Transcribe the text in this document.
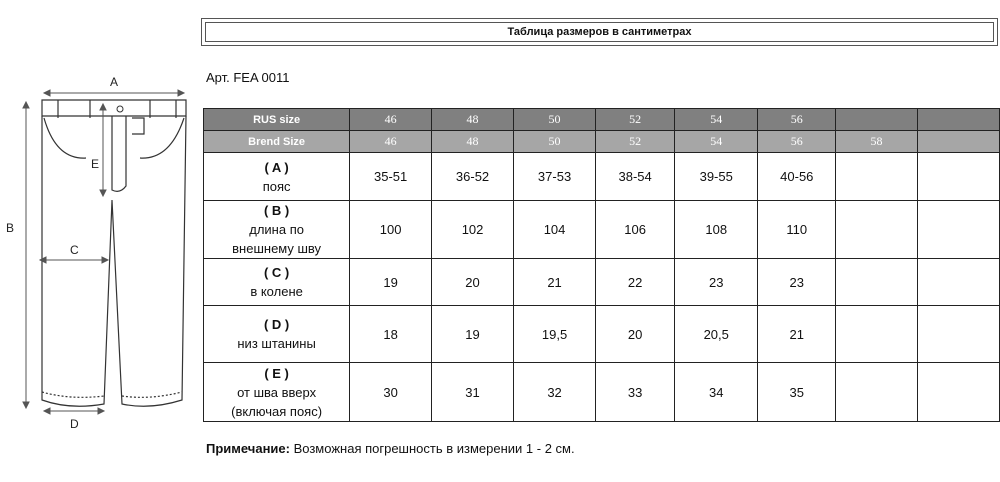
Таблица размеров в сантиметрах
Арт. FEA 0011
A
B
C
D
E
RUS size	46	48	50	52	54	56		
Brend Size	46	48	50	52	54	56	58	

( A )
пояс	35-51	36-52	37-53	38-54	39-55	40-56		

( B )
длина по
внешнему шву	100	102	104	106	108	110		

( C )
в колене	19	20	21	22	23	23		

( D )
низ штанины	18	19	19,5	20	20,5	21		

( E )
от шва вверх
(включая пояс)	30	31	32	33	34	35		
Примечание: Возможная погрешность в измерении 1 - 2 см.
